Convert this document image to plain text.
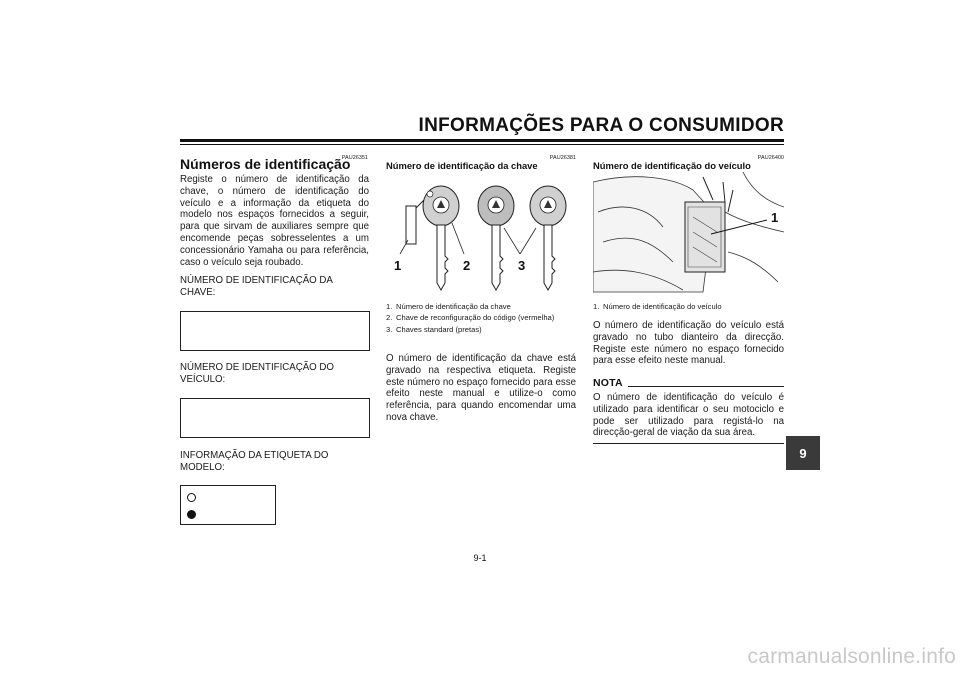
INFORMAÇÕES PARA O CONSUMIDOR
PAU26351
Números de identificação
Registe o número de identificação da chave, o número de identificação do veículo e a informação da etiqueta do modelo nos espaços fornecidos a seguir, para que sirvam de auxiliares sempre que encomende peças sobresselentes a um concessionário Yamaha ou para referência, caso o veículo seja roubado.
NÚMERO DE IDENTIFICAÇÃO DA CHAVE:
NÚMERO DE IDENTIFICAÇÃO DO VEÍCULO:
INFORMAÇÃO DA ETIQUETA DO MODELO:
PAU26381
Número de identificação da chave
1	2	3
1. Número de identificação da chave
2. Chave de reconfiguração do código (vermelha)
3. Chaves standard (pretas)
O número de identificação da chave está gravado na respectiva etiqueta. Registe este número no espaço fornecido para esse efeito neste manual e utilize-o como referência, para quando encomendar uma nova chave.
PAU26400
Número de identificação do veículo
1
1. Número de identificação do veículo
O número de identificação do veículo está gravado no tubo dianteiro da direcção. Registe este número no espaço fornecido para esse efeito neste manual.
NOTA
O número de identificação do veículo é utilizado para identificar o seu motociclo e pode ser utilizado para registá-lo na direcção-geral de viação da sua área.
9
9-1
carmanualsonline.info
